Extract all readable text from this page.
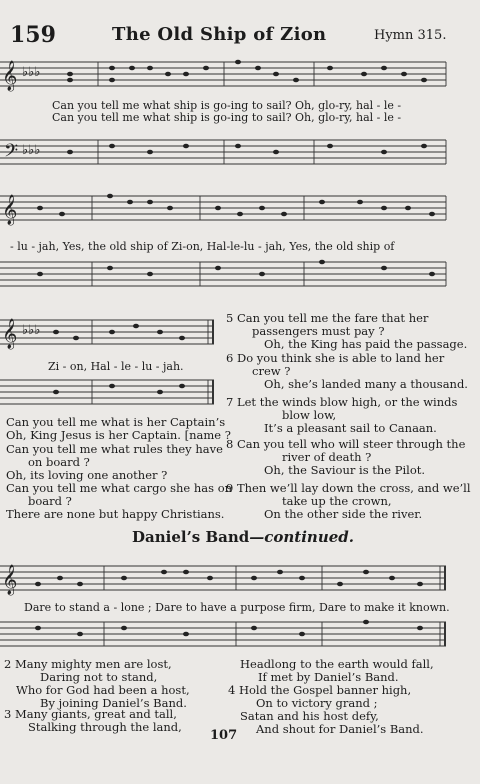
159	The Old Ship of Zion	Hymn 315.
𝄞 ♭♭♭
Can you tell me what ship is go-ing to sail? Oh, glo-ry, hal - le -
Can you tell me what ship is go-ing to sail? Oh, glo-ry, hal - le -
𝄢 ♭♭♭
𝄞
- lu - jah, Yes, the old ship of Zi-on, Hal-le-lu - jah, Yes, the old ship of
𝄞 ♭♭♭
Zi - on, Hal - le - lu - jah.
Can you tell me what is her Captain’s
Oh, King Jesus is her Captain. [name ?
Can you tell me what rules they have
on board ?
Oh, its loving one another ?
Can you tell me what cargo she has on
board ?
There are none but happy Christians.
5 Can you tell me the fare that her
passengers must pay ?
Oh, the King has paid the passage.
6 Do you think she is able to land her
crew ?
Oh, she’s landed many a thousand.
7 Let the winds blow high, or the winds
blow low,
It’s a pleasant sail to Canaan.
8 Can you tell who will steer through the
river of death ?
Oh, the Saviour is the Pilot.
9 Then we’ll lay down the cross, and we’ll
take up the crown,
On the other side the river.
Daniel’s Band—continued.
𝄞
Dare to stand a - lone ; Dare to have a purpose firm, Dare to make it known.
2 Many mighty men are lost,
Daring not to stand,
Who for God had been a host,
By joining Daniel’s Band.
3 Many giants, great and tall,
Stalking through the land,
Headlong to the earth would fall,
If met by Daniel’s Band.
4 Hold the Gospel banner high,
On to victory grand ;
Satan and his host defy,
And shout for Daniel’s Band.
107
